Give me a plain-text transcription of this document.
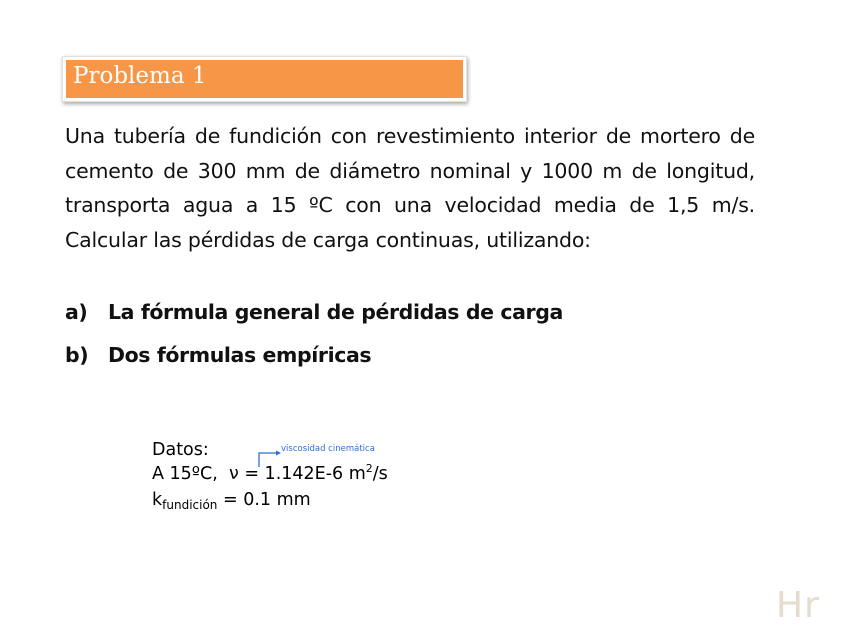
Problema 1
Una tubería de fundición con revestimiento interior de mortero de cemento de 300 mm de diámetro nominal y 1000 m de longitud, transporta agua a 15 ºC con una velocidad media de 1,5 m/s. Calcular las pérdidas de carga continuas, utilizando:
a) La fórmula general de pérdidas de carga
b) Dos fórmulas empíricas
Datos:
A 15ºC, ν = 1.142E-6 $m^2/s$
$k_{fundición} = 0.1$ mm
viscosidad cinemática
Hr
